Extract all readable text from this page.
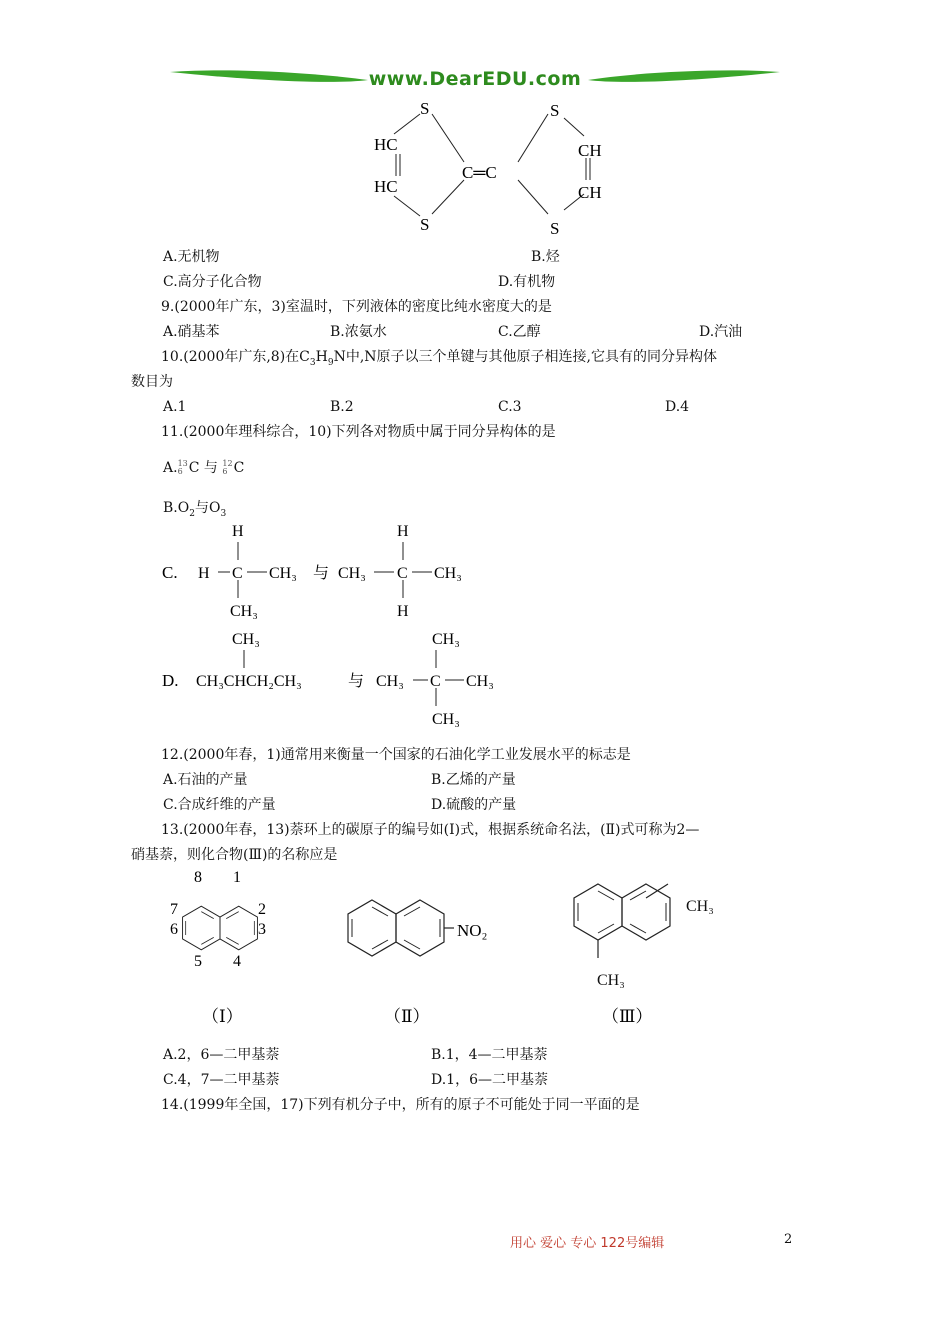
www.DearEDU.com
S
S
S
S
HC
HC
CH
CH
C═C
A.无机物	B.烃
C.高分子化合物	D.有机物
9.(2000年广东，3)室温时，下列液体的密度比纯水密度大的是
A.硝基苯	B.浓氨水	C.乙醇	D.汽油
10.(2000年广东,8)在$C_3H_9N$中,N原子以三个单键与其他原子相连接,它具有的同分异构体
数目为
A.1	B.2	C.3	D.4
11.(2000年理科综合，10)下列各对物质中属于同分异构体的是
A.13
6 C 与 12
6 C
$B.O_2$与$O_3$
C.
H
H C CH₃
CH₃
与
H
CH₃ C CH₃
H
D.
CH₃
CH₃CHCH₂CH₃	与
CH₃
CH₃ C CH₃
CH₃
12.(2000年春，1)通常用来衡量一个国家的石油化学工业发展水平的标志是
A.石油的产量	B.乙烯的产量
C.合成纤维的产量	D.硫酸的产量
13.(2000年春，13)萘环上的碳原子的编号如(Ⅰ)式，根据系统命名法，(Ⅱ)式可称为2—
硝基萘，则化合物(Ⅲ)的名称应是
8 1
7	2
6	3
5 4
（Ⅰ）
NO₂
（Ⅱ）	（Ⅲ）
CH₃
CH₃
A.2，6—二甲基萘	B.1，4—二甲基萘
C.4，7—二甲基萘	D.1，6—二甲基萘
14.(1999年全国，17)下列有机分子中，所有的原子不可能处于同一平面的是
用心 爱心 专心 122号编辑	2
